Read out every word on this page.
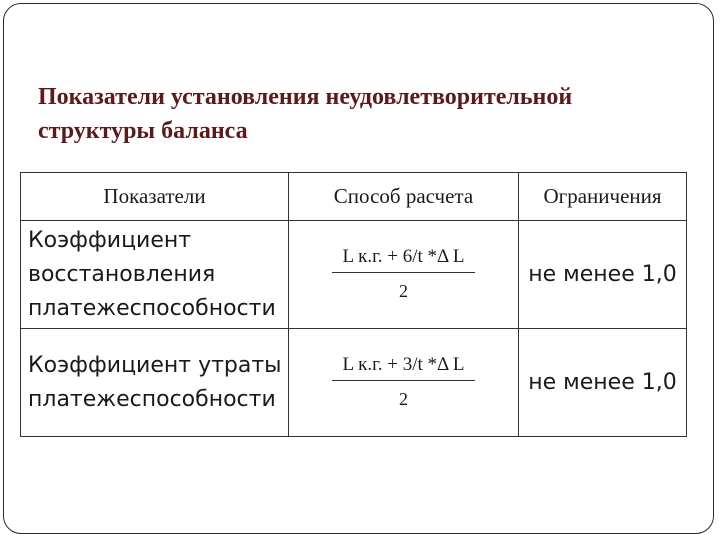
Показатели установления неудовлетворительной структуры баланса
Показатели	Способ расчета	Ограничения
Коэффициент восстановления платежеспособности	$\frac{\text{L к.г. + 6/t *Δ L}}{2}$	не менее 1,0
Коэффициент утраты платежеспособности	$\frac{\text{L к.г. + 3/t *Δ L}}{2}$	не менее 1,0
